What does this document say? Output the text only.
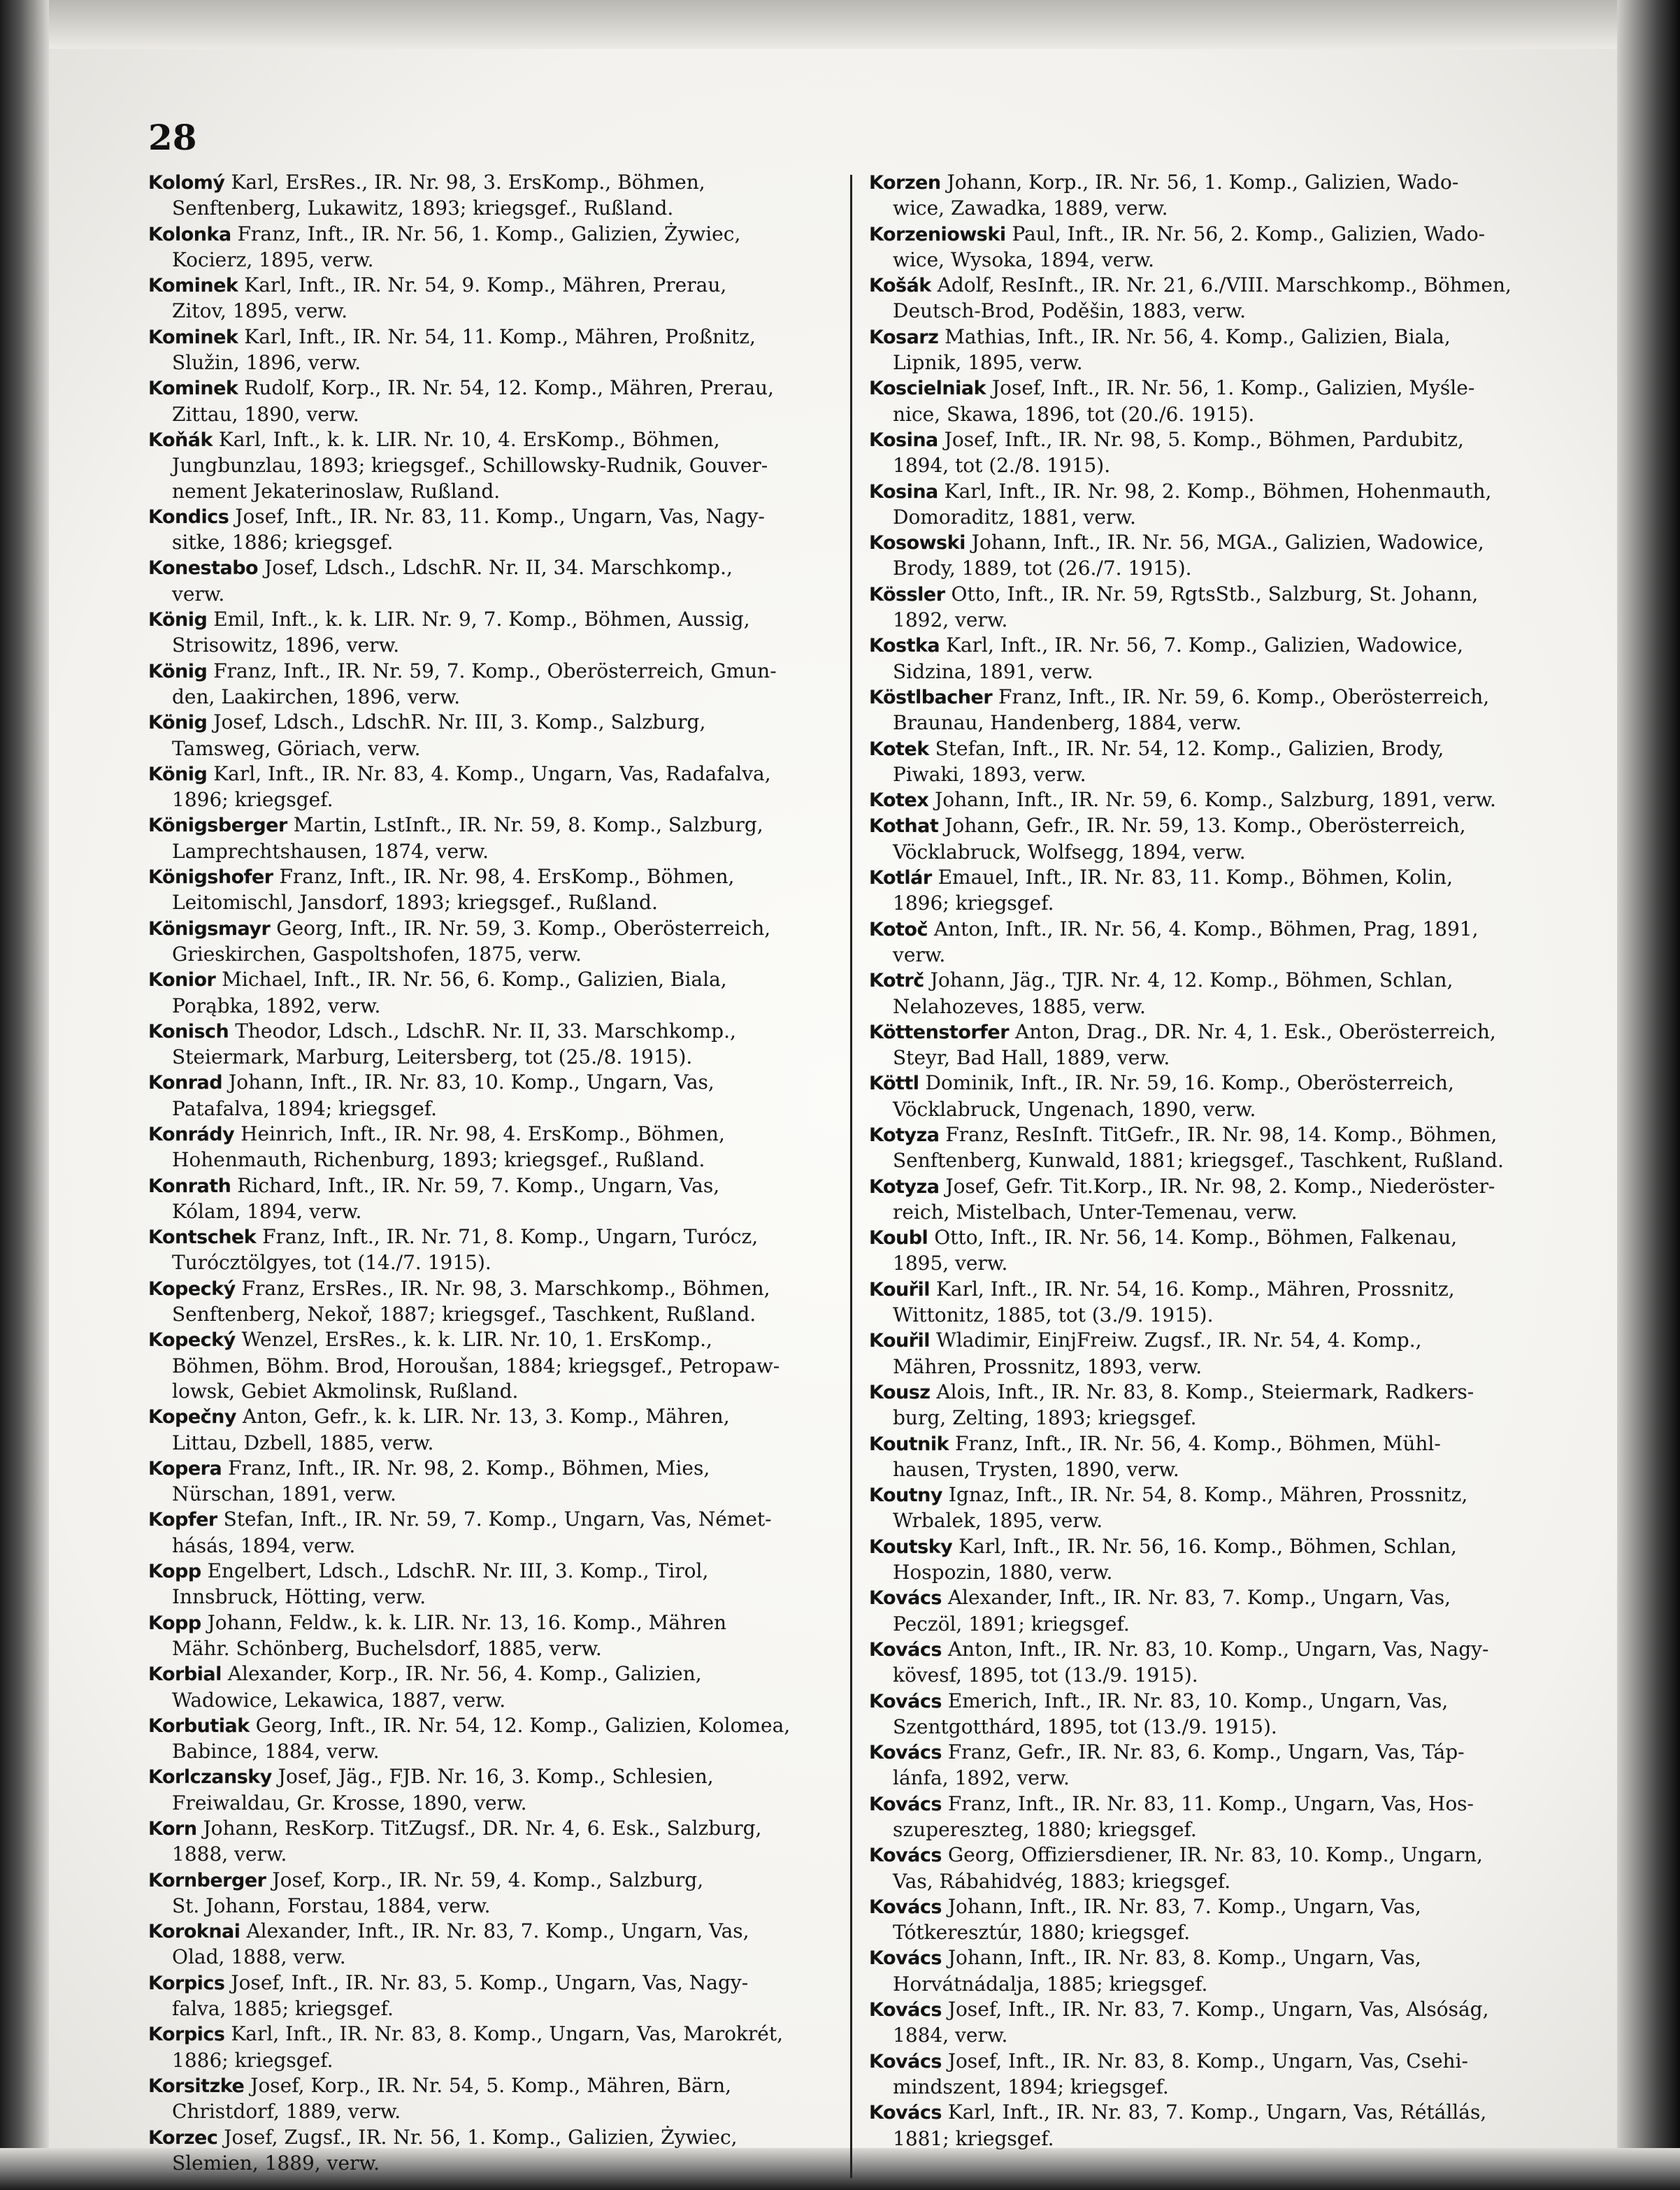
28
Kolomý Karl, ErsRes., IR. Nr. 98, 3. ErsKomp., Böhmen,
Senftenberg, Lukawitz, 1893; kriegsgef., Rußland.
Kolonka Franz, Inft., IR. Nr. 56, 1. Komp., Galizien, Żywiec,
Kocierz, 1895, verw.
Kominek Karl, Inft., IR. Nr. 54, 9. Komp., Mähren, Prerau,
Zitov, 1895, verw.
Kominek Karl, Inft., IR. Nr. 54, 11. Komp., Mähren, Proßnitz,
Služin, 1896, verw.
Kominek Rudolf, Korp., IR. Nr. 54, 12. Komp., Mähren, Prerau,
Zittau, 1890, verw.
Koňák Karl, Inft., k. k. LIR. Nr. 10, 4. ErsKomp., Böhmen,
Jungbunzlau, 1893; kriegsgef., Schillowsky-Rudnik, Gouver-
nement Jekaterinoslaw, Rußland.
Kondics Josef, Inft., IR. Nr. 83, 11. Komp., Ungarn, Vas, Nagy-
sitke, 1886; kriegsgef.
Konestabo Josef, Ldsch., LdschR. Nr. II, 34. Marschkomp.,
verw.
König Emil, Inft., k. k. LIR. Nr. 9, 7. Komp., Böhmen, Aussig,
Strisowitz, 1896, verw.
König Franz, Inft., IR. Nr. 59, 7. Komp., Oberösterreich, Gmun-
den, Laakirchen, 1896, verw.
König Josef, Ldsch., LdschR. Nr. III, 3. Komp., Salzburg,
Tamsweg, Göriach, verw.
König Karl, Inft., IR. Nr. 83, 4. Komp., Ungarn, Vas, Radafalva,
1896; kriegsgef.
Königsberger Martin, LstInft., IR. Nr. 59, 8. Komp., Salzburg,
Lamprechtshausen, 1874, verw.
Königshofer Franz, Inft., IR. Nr. 98, 4. ErsKomp., Böhmen,
Leitomischl, Jansdorf, 1893; kriegsgef., Rußland.
Königsmayr Georg, Inft., IR. Nr. 59, 3. Komp., Oberösterreich,
Grieskirchen, Gaspoltshofen, 1875, verw.
Konior Michael, Inft., IR. Nr. 56, 6. Komp., Galizien, Biala,
Porąbka, 1892, verw.
Konisch Theodor, Ldsch., LdschR. Nr. II, 33. Marschkomp.,
Steiermark, Marburg, Leitersberg, tot (25./8. 1915).
Konrad Johann, Inft., IR. Nr. 83, 10. Komp., Ungarn, Vas,
Patafalva, 1894; kriegsgef.
Konrády Heinrich, Inft., IR. Nr. 98, 4. ErsKomp., Böhmen,
Hohenmauth, Richenburg, 1893; kriegsgef., Rußland.
Konrath Richard, Inft., IR. Nr. 59, 7. Komp., Ungarn, Vas,
Kólam, 1894, verw.
Kontschek Franz, Inft., IR. Nr. 71, 8. Komp., Ungarn, Turócz,
Turócztölgyes, tot (14./7. 1915).
Kopecký Franz, ErsRes., IR. Nr. 98, 3. Marschkomp., Böhmen,
Senftenberg, Nekoř, 1887; kriegsgef., Taschkent, Rußland.
Kopecký Wenzel, ErsRes., k. k. LIR. Nr. 10, 1. ErsKomp.,
Böhmen, Böhm. Brod, Horoušan, 1884; kriegsgef., Petropaw-
lowsk, Gebiet Akmolinsk, Rußland.
Kopečny Anton, Gefr., k. k. LIR. Nr. 13, 3. Komp., Mähren,
Littau, Dzbell, 1885, verw.
Kopera Franz, Inft., IR. Nr. 98, 2. Komp., Böhmen, Mies,
Nürschan, 1891, verw.
Kopfer Stefan, Inft., IR. Nr. 59, 7. Komp., Ungarn, Vas, Német-
hásás, 1894, verw.
Kopp Engelbert, Ldsch., LdschR. Nr. III, 3. Komp., Tirol,
Innsbruck, Hötting, verw.
Kopp Johann, Feldw., k. k. LIR. Nr. 13, 16. Komp., Mähren
Mähr. Schönberg, Buchelsdorf, 1885, verw.
Korbial Alexander, Korp., IR. Nr. 56, 4. Komp., Galizien,
Wadowice, Lekawica, 1887, verw.
Korbutiak Georg, Inft., IR. Nr. 54, 12. Komp., Galizien, Kolomea,
Babince, 1884, verw.
Korlczansky Josef, Jäg., FJB. Nr. 16, 3. Komp., Schlesien,
Freiwaldau, Gr. Krosse, 1890, verw.
Korn Johann, ResKorp. TitZugsf., DR. Nr. 4, 6. Esk., Salzburg,
1888, verw.
Kornberger Josef, Korp., IR. Nr. 59, 4. Komp., Salzburg,
St. Johann, Forstau, 1884, verw.
Koroknai Alexander, Inft., IR. Nr. 83, 7. Komp., Ungarn, Vas,
Olad, 1888, verw.
Korpics Josef, Inft., IR. Nr. 83, 5. Komp., Ungarn, Vas, Nagy-
falva, 1885; kriegsgef.
Korpics Karl, Inft., IR. Nr. 83, 8. Komp., Ungarn, Vas, Marokrét,
1886; kriegsgef.
Korsitzke Josef, Korp., IR. Nr. 54, 5. Komp., Mähren, Bärn,
Christdorf, 1889, verw.
Korzec Josef, Zugsf., IR. Nr. 56, 1. Komp., Galizien, Żywiec,
Slemien, 1889, verw.
Korzen Johann, Korp., IR. Nr. 56, 1. Komp., Galizien, Wado-
wice, Zawadka, 1889, verw.
Korzeniowski Paul, Inft., IR. Nr. 56, 2. Komp., Galizien, Wado-
wice, Wysoka, 1894, verw.
Košák Adolf, ResInft., IR. Nr. 21, 6./VIII. Marschkomp., Böhmen,
Deutsch-Brod, Poděšin, 1883, verw.
Kosarz Mathias, Inft., IR. Nr. 56, 4. Komp., Galizien, Biala,
Lipnik, 1895, verw.
Koscielniak Josef, Inft., IR. Nr. 56, 1. Komp., Galizien, Myśle-
nice, Skawa, 1896, tot (20./6. 1915).
Kosina Josef, Inft., IR. Nr. 98, 5. Komp., Böhmen, Pardubitz,
1894, tot (2./8. 1915).
Kosina Karl, Inft., IR. Nr. 98, 2. Komp., Böhmen, Hohenmauth,
Domoraditz, 1881, verw.
Kosowski Johann, Inft., IR. Nr. 56, MGA., Galizien, Wadowice,
Brody, 1889, tot (26./7. 1915).
Kössler Otto, Inft., IR. Nr. 59, RgtsStb., Salzburg, St. Johann,
1892, verw.
Kostka Karl, Inft., IR. Nr. 56, 7. Komp., Galizien, Wadowice,
Sidzina, 1891, verw.
Köstlbacher Franz, Inft., IR. Nr. 59, 6. Komp., Oberösterreich,
Braunau, Handenberg, 1884, verw.
Kotek Stefan, Inft., IR. Nr. 54, 12. Komp., Galizien, Brody,
Piwaki, 1893, verw.
Kotex Johann, Inft., IR. Nr. 59, 6. Komp., Salzburg, 1891, verw.
Kothat Johann, Gefr., IR. Nr. 59, 13. Komp., Oberösterreich,
Vöcklabruck, Wolfsegg, 1894, verw.
Kotlár Emauel, Inft., IR. Nr. 83, 11. Komp., Böhmen, Kolin,
1896; kriegsgef.
Kotoč Anton, Inft., IR. Nr. 56, 4. Komp., Böhmen, Prag, 1891,
verw.
Kotrč Johann, Jäg., TJR. Nr. 4, 12. Komp., Böhmen, Schlan,
Nelahozeves, 1885, verw.
Köttenstorfer Anton, Drag., DR. Nr. 4, 1. Esk., Oberösterreich,
Steyr, Bad Hall, 1889, verw.
Köttl Dominik, Inft., IR. Nr. 59, 16. Komp., Oberösterreich,
Vöcklabruck, Ungenach, 1890, verw.
Kotyza Franz, ResInft. TitGefr., IR. Nr. 98, 14. Komp., Böhmen,
Senftenberg, Kunwald, 1881; kriegsgef., Taschkent, Rußland.
Kotyza Josef, Gefr. Tit.Korp., IR. Nr. 98, 2. Komp., Niederöster-
reich, Mistelbach, Unter-Temenau, verw.
Koubl Otto, Inft., IR. Nr. 56, 14. Komp., Böhmen, Falkenau,
1895, verw.
Kouřil Karl, Inft., IR. Nr. 54, 16. Komp., Mähren, Prossnitz,
Wittonitz, 1885, tot (3./9. 1915).
Kouřil Wladimir, EinjFreiw. Zugsf., IR. Nr. 54, 4. Komp.,
Mähren, Prossnitz, 1893, verw.
Kousz Alois, Inft., IR. Nr. 83, 8. Komp., Steiermark, Radkers-
burg, Zelting, 1893; kriegsgef.
Koutnik Franz, Inft., IR. Nr. 56, 4. Komp., Böhmen, Mühl-
hausen, Trysten, 1890, verw.
Koutny Ignaz, Inft., IR. Nr. 54, 8. Komp., Mähren, Prossnitz,
Wrbalek, 1895, verw.
Koutsky Karl, Inft., IR. Nr. 56, 16. Komp., Böhmen, Schlan,
Hospozin, 1880, verw.
Kovács Alexander, Inft., IR. Nr. 83, 7. Komp., Ungarn, Vas,
Peczöl, 1891; kriegsgef.
Kovács Anton, Inft., IR. Nr. 83, 10. Komp., Ungarn, Vas, Nagy-
kövesf, 1895, tot (13./9. 1915).
Kovács Emerich, Inft., IR. Nr. 83, 10. Komp., Ungarn, Vas,
Szentgotthárd, 1895, tot (13./9. 1915).
Kovács Franz, Gefr., IR. Nr. 83, 6. Komp., Ungarn, Vas, Táp-
lánfa, 1892, verw.
Kovács Franz, Inft., IR. Nr. 83, 11. Komp., Ungarn, Vas, Hos-
szupereszteg, 1880; kriegsgef.
Kovács Georg, Offiziersdiener, IR. Nr. 83, 10. Komp., Ungarn,
Vas, Rábahidvég, 1883; kriegsgef.
Kovács Johann, Inft., IR. Nr. 83, 7. Komp., Ungarn, Vas,
Tótkeresztúr, 1880; kriegsgef.
Kovács Johann, Inft., IR. Nr. 83, 8. Komp., Ungarn, Vas,
Horvátnádalja, 1885; kriegsgef.
Kovács Josef, Inft., IR. Nr. 83, 7. Komp., Ungarn, Vas, Alsóság,
1884, verw.
Kovács Josef, Inft., IR. Nr. 83, 8. Komp., Ungarn, Vas, Csehi-
mindszent, 1894; kriegsgef.
Kovács Karl, Inft., IR. Nr. 83, 7. Komp., Ungarn, Vas, Rétállás,
1881; kriegsgef.
